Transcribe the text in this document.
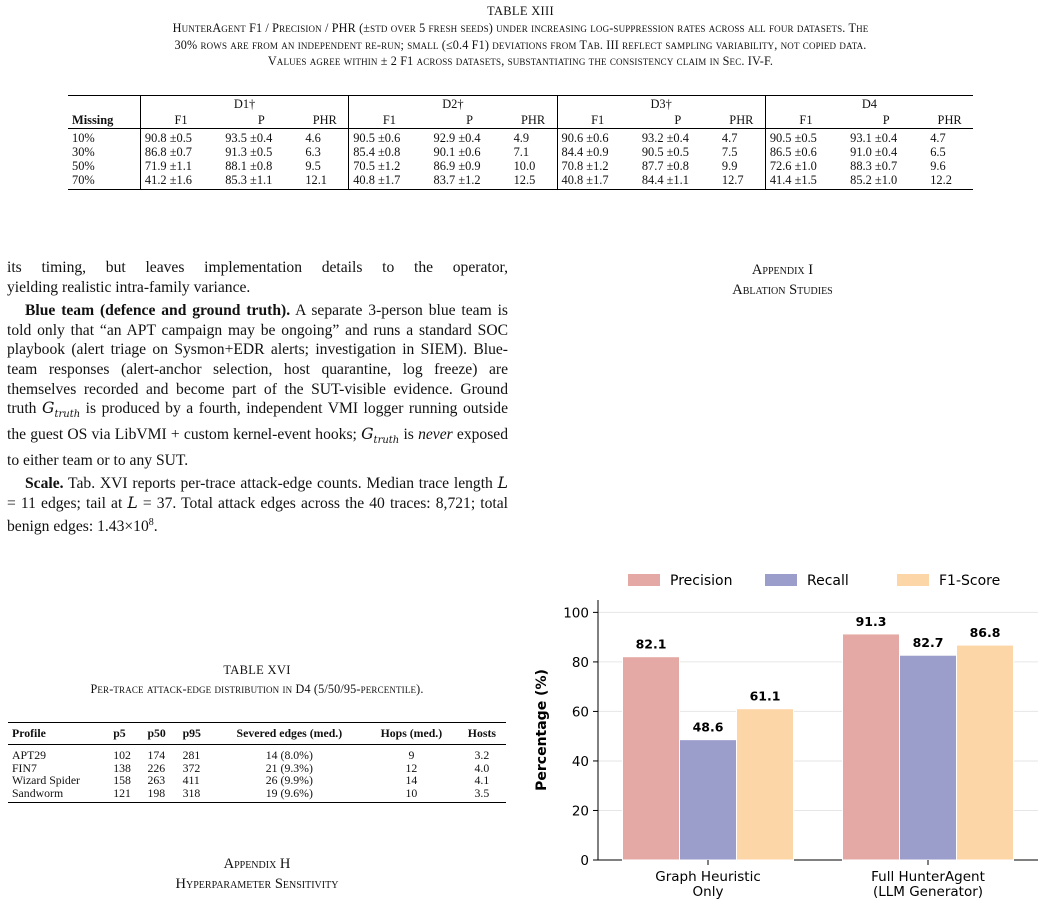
TABLE XIII
HunterAgent F1 / Precision / PHR (±std over 5 fresh seeds) under increasing log-suppression rates across all four datasets. The
30% rows are from an independent re-run; small (≤0.4 F1) deviations from Tab. III reflect sampling variability, not copied data.
Values agree within ± 2 F1 across datasets, substantiating the consistency claim in Sec. IV-F.
	D1†			D2†			D3†			D4		
Missing	F1	P	PHR	F1	P	PHR	F1	P	PHR	F1	P	PHR
10%	90.8 ±0.5	93.5 ±0.4	4.6	90.5 ±0.6	92.9 ±0.4	4.9	90.6 ±0.6	93.2 ±0.4	4.7	90.5 ±0.5	93.1 ±0.4	4.7
30%	86.8 ±0.7	91.3 ±0.5	6.3	85.4 ±0.8	90.1 ±0.6	7.1	84.4 ±0.9	90.5 ±0.5	7.5	86.5 ±0.6	91.0 ±0.4	6.5
50%	71.9 ±1.1	88.1 ±0.8	9.5	70.5 ±1.2	86.9 ±0.9	10.0	70.8 ±1.2	87.7 ±0.8	9.9	72.6 ±1.0	88.3 ±0.7	9.6
70%	41.2 ±1.6	85.3 ±1.1	12.1	40.8 ±1.7	83.7 ±1.2	12.5	40.8 ±1.7	84.4 ±1.1	12.7	41.4 ±1.5	85.2 ±1.0	12.2

its timing, but leaves implementation details to the operator,

yielding realistic intra-family variance.

Blue team (defence and ground truth). A separate 3-person blue team is told only that “an APT campaign may be ongoing” and runs a standard SOC playbook (alert triage on Sysmon+EDR alerts; investigation in SIEM). Blue-team responses (alert-anchor selection, host quarantine, log freeze) are themselves recorded and become part of the SUT-visible evidence. Ground truth $G_{truth}$ is produced by a fourth, independent VMI logger running outside the guest OS via LibVMI + custom kernel-event hooks; $G_{truth}$ is never exposed to either team or to any SUT.

Scale. Tab. XVI reports per-trace attack-edge counts. Median trace length L = 11 edges; tail at L = 37. Total attack edges across the 40 traces: 8,721; total benign edges: $1.43\times 10^8$.

TABLE XVI
Per-trace attack-edge distribution in D4 (5/50/95-percentile).
Profile	p5	p50	p95	Severed edges (med.)	Hops (med.)	Hosts
APT29	102	174	281	14 (8.0%)	9	3.2
FIN7	138	226	372	21 (9.3%)	12	4.0
Wizard Spider	158	263	411	26 (9.9%)	14	4.1
Sandworm	121	198	318	19 (9.6%)	10	3.5
Appendix H
Hyperparameter Sensitivity
Appendix I
Ablation Studies
0
20
40
60
80
100
Percentage (%)
82.1
48.6
61.1
Graph Heuristic
Only
91.3
82.7
86.8
Full HunterAgent
(LLM Generator)
Precision	Recall	F1-Score
